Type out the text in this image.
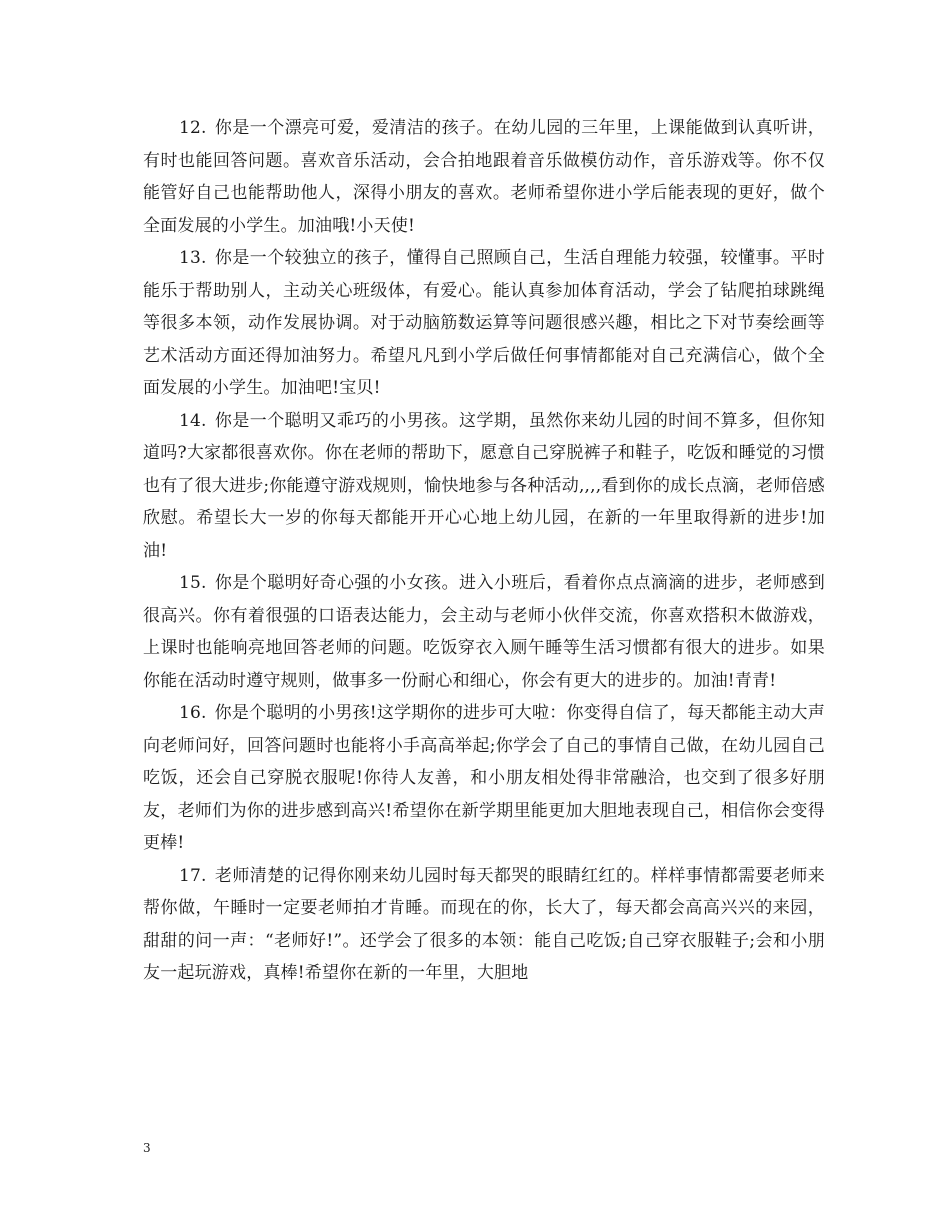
12. 你是一个漂亮可爱，爱清洁的孩子。在幼儿园的三年里，上课能做到认真听讲，有时也能回答问题。喜欢音乐活动，会合拍地跟着音乐做模仿动作，音乐游戏等。你不仅能管好自己也能帮助他人，深得小朋友的喜欢。老师希望你进小学后能表现的更好，做个全面发展的小学生。加油哦!小天使!

13. 你是一个较独立的孩子，懂得自己照顾自己，生活自理能力较强，较懂事。平时能乐于帮助别人，主动关心班级体，有爱心。能认真参加体育活动，学会了钻爬拍球跳绳等很多本领，动作发展协调。对于动脑筋数运算等问题很感兴趣，相比之下对节奏绘画等艺术活动方面还得加油努力。希望凡凡到小学后做任何事情都能对自己充满信心，做个全面发展的小学生。加油吧!宝贝!

14. 你是一个聪明又乖巧的小男孩。这学期，虽然你来幼儿园的时间不算多，但你知道吗?大家都很喜欢你。你在老师的帮助下，愿意自己穿脱裤子和鞋子，吃饭和睡觉的习惯也有了很大进步;你能遵守游戏规则，愉快地参与各种活动,,,,看到你的成长点滴，老师倍感欣慰。希望长大一岁的你每天都能开开心心地上幼儿园，在新的一年里取得新的进步!加油!

15. 你是个聪明好奇心强的小女孩。进入小班后，看着你点点滴滴的进步，老师感到很高兴。你有着很强的口语表达能力，会主动与老师小伙伴交流，你喜欢搭积木做游戏，上课时也能响亮地回答老师的问题。吃饭穿衣入厕午睡等生活习惯都有很大的进步。如果你能在活动时遵守规则，做事多一份耐心和细心，你会有更大的进步的。加油!青青!

16. 你是个聪明的小男孩!这学期你的进步可大啦：你变得自信了，每天都能主动大声向老师问好，回答问题时也能将小手高高举起;你学会了自己的事情自己做，在幼儿园自己吃饭，还会自己穿脱衣服呢!你待人友善，和小朋友相处得非常融洽，也交到了很多好朋友，老师们为你的进步感到高兴!希望你在新学期里能更加大胆地表现自己，相信你会变得更棒!

17. 老师清楚的记得你刚来幼儿园时每天都哭的眼睛红红的。样样事情都需要老师来帮你做，午睡时一定要老师拍才肯睡。而现在的你，长大了，每天都会高高兴兴的来园，甜甜的问一声：“老师好!”。还学会了很多的本领：能自己吃饭;自己穿衣服鞋子;会和小朋友一起玩游戏，真棒!希望你在新的一年里，大胆地

3
